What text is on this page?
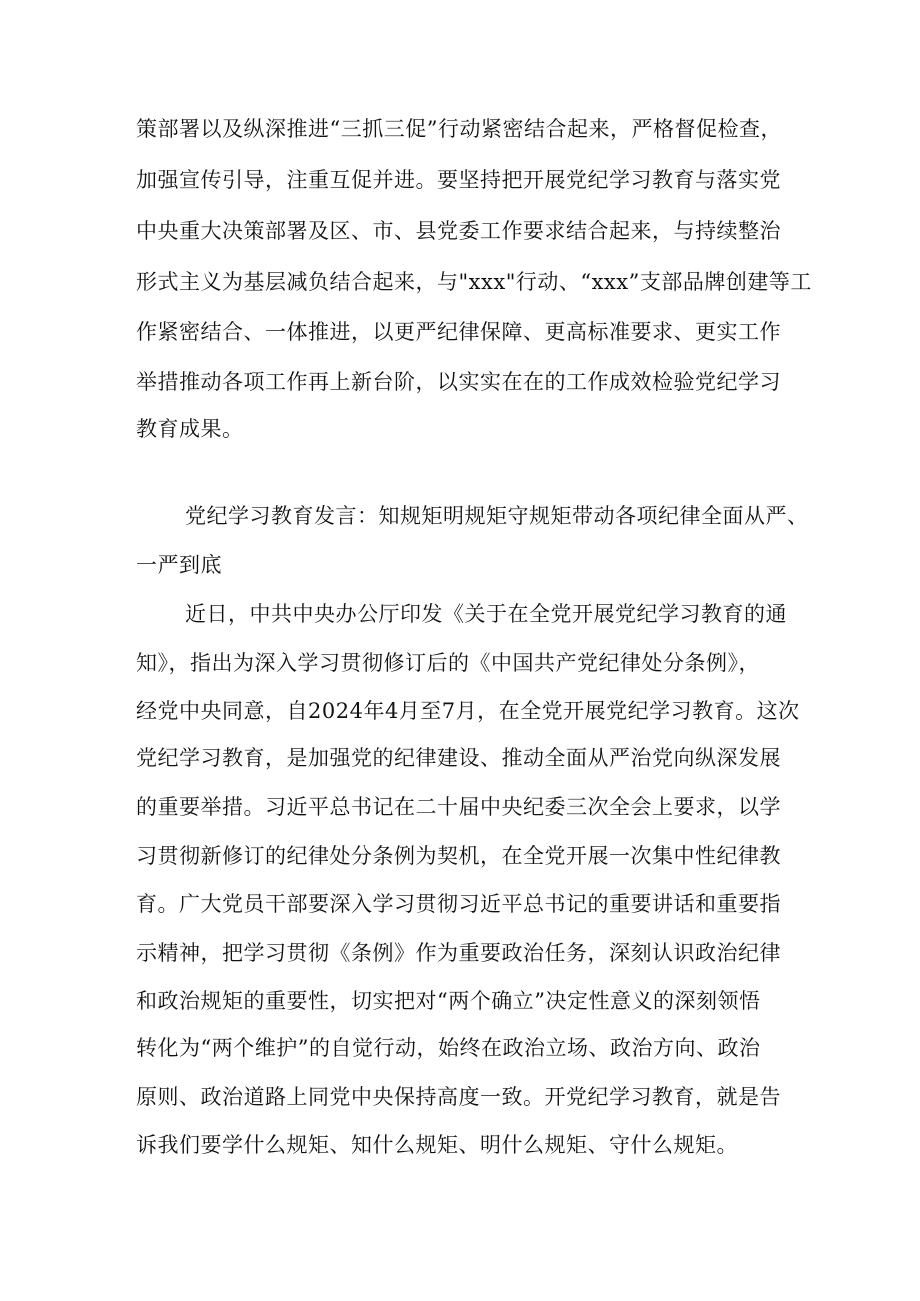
策部署以及纵深推进“三抓三促”行动紧密结合起来，严格督促检查，
加强宣传引导，注重互促并进。要坚持把开展党纪学习教育与落实党
中央重大决策部署及区、市、县党委工作要求结合起来，与持续整治
形式主义为基层减负结合起来，与"xxx"行动、“xxx”支部品牌创建等工
作紧密结合、一体推进，以更严纪律保障、更高标准要求、更实工作
举措推动各项工作再上新台阶，以实实在在的工作成效检验党纪学习
教育成果。
党纪学习教育发言：知规矩明规矩守规矩带动各项纪律全面从严、
一严到底
近日，中共中央办公厅印发《关于在全党开展党纪学习教育的通
知》，指出为深入学习贯彻修订后的《中国共产党纪律处分条例》，
经党中央同意，自2024年4月至7月，在全党开展党纪学习教育。这次
党纪学习教育，是加强党的纪律建设、推动全面从严治党向纵深发展
的重要举措。习近平总书记在二十届中央纪委三次全会上要求，以学
习贯彻新修订的纪律处分条例为契机，在全党开展一次集中性纪律教
育。广大党员干部要深入学习贯彻习近平总书记的重要讲话和重要指
示精神，把学习贯彻《条例》作为重要政治任务，深刻认识政治纪律
和政治规矩的重要性，切实把对“两个确立”决定性意义的深刻领悟
转化为“两个维护”的自觉行动，始终在政治立场、政治方向、政治
原则、政治道路上同党中央保持高度一致。开党纪学习教育，就是告
诉我们要学什么规矩、知什么规矩、明什么规矩、守什么规矩。
